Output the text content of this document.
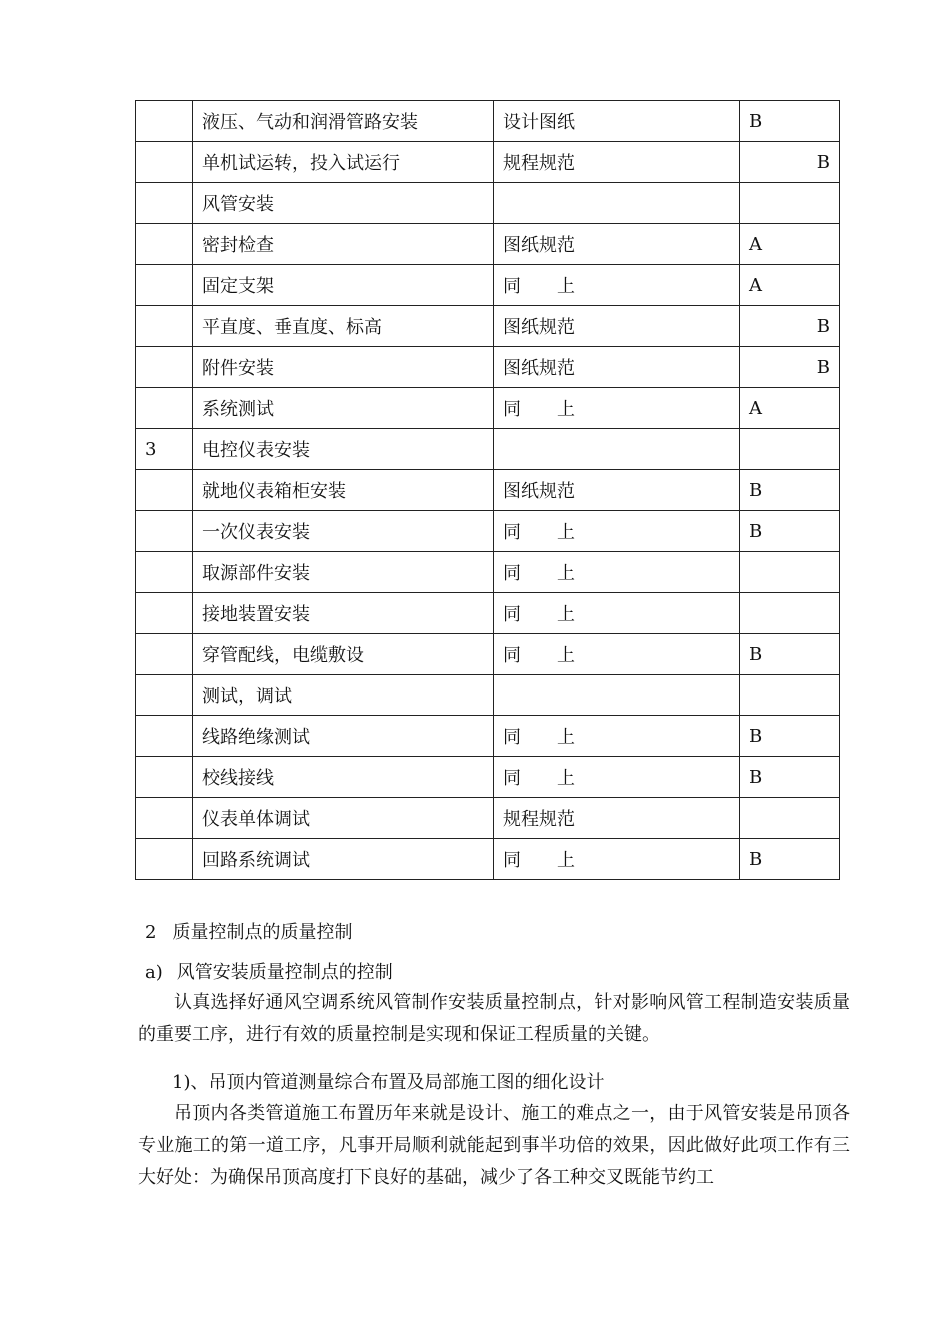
	液压、气动和润滑管路安装	设计图纸	B
	单机试运转，投入试运行	规程规范	B
	风管安装		
	密封检查	图纸规范	A
	固定支架	同　　上	A
	平直度、垂直度、标高	图纸规范	B
	附件安装	图纸规范	B
	系统测试	同　　上	A
3	电控仪表安装		
	就地仪表箱柜安装	图纸规范	B
	一次仪表安装	同　　上	B
	取源部件安装	同　　上	
	接地装置安装	同　　上	
	穿管配线，电缆敷设	同　　上	B
	测试，调试		
	线路绝缘测试	同　　上	B
	校线接线	同　　上	B
	仪表单体调试	规程规范	
	回路系统调试	同　　上	B
2 质量控制点的质量控制
a) 风管安装质量控制点的控制
认真选择好通风空调系统风管制作安装质量控制点，针对影响风管工程制造安装质量的重要工序，进行有效的质量控制是实现和保证工程质量的关键。
1)、吊顶内管道测量综合布置及局部施工图的细化设计
吊顶内各类管道施工布置历年来就是设计、施工的难点之一，由于风管安装是吊顶各专业施工的第一道工序，凡事开局顺利就能起到事半功倍的效果，因此做好此项工作有三大好处：为确保吊顶高度打下良好的基础，减少了各工种交叉既能节约工
